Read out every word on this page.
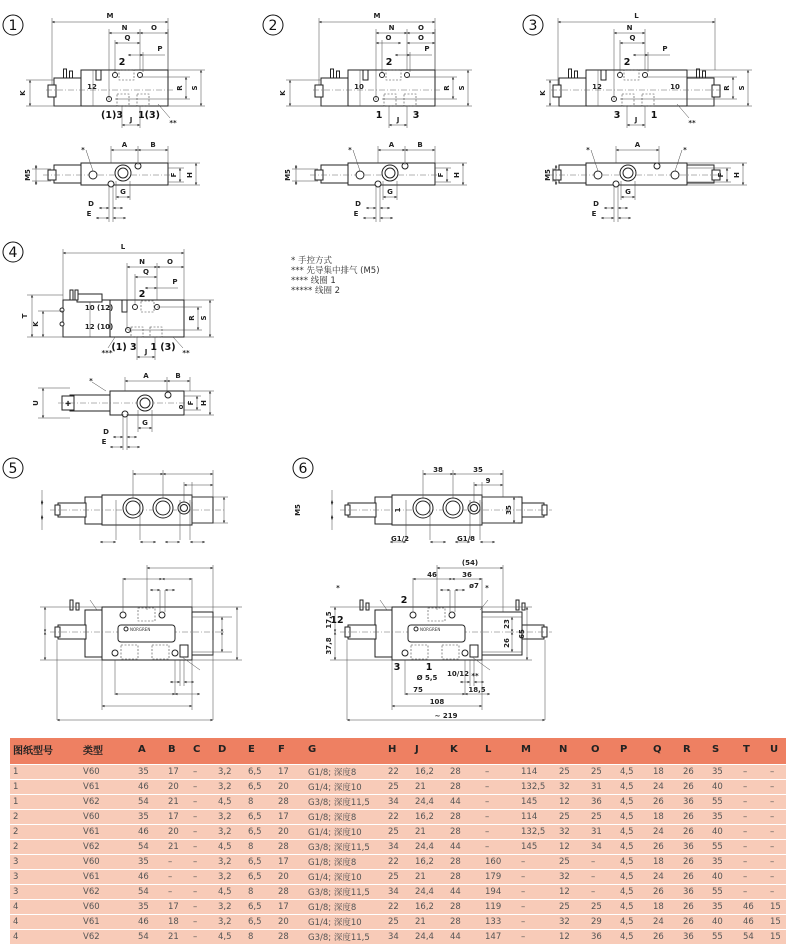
1
M
2
12
N	O
Q
P
K
R S
(1)3 1(3)
J	**
*
A	B
M5	F H
G
D
E
2
M
2
10
N	O
O	O
P
K
R S
1	3
J
*
A	B
M5	F H
G
D
E
3
L
2
12	10
N
Q
P
K
R S
3	1
J	**
*	*
A
M5	F H
G
D
E
4
10 (12)
12 (10)
2
L
N	O
Q
P
T
K
R S
(1) 3 1 (3)
J
***	**
✚
*
A	B
U	F H
G
D
E
5
NORGREN
6
NORGREN
M5
38	35
9
1	35
G1/2	G1/8
(54)
46	36
ø7
2
12
17,5
37,8
23
26
65
3	1
Ø 5,5 10/12 **
75	18,5
108
~ 219
*	*
* 手控方式
*** 先导集中排气 (M5)
**** 线圈 1
***** 线圈 2
图纸型号	类型	A	B	C	D	E	F	G	H	J	K	L	M	N	O	P	Q	R	S	T	U
1	V60	35	17	–	3,2	6,5	17	G1/8; 深度8	22	16,2	28	–	114	25	25	4,5	18	26	35	–	–
1	V61	46	20	–	3,2	6,5	20	G1/4; 深度10	25	21	28	–	132,5	32	31	4,5	24	26	40	–	–
1	V62	54	21	–	4,5	8	28	G3/8; 深度11,5	34	24,4	44	–	145	12	36	4,5	26	36	55	–	–
2	V60	35	17	–	3,2	6,5	17	G1/8; 深度8	22	16,2	28	–	114	25	25	4,5	18	26	35	–	–
2	V61	46	20	–	3,2	6,5	20	G1/4; 深度10	25	21	28	–	132,5	32	31	4,5	24	26	40	–	–
2	V62	54	21	–	4,5	8	28	G3/8; 深度11,5	34	24,4	44	–	145	12	34	4,5	26	36	55	–	–
3	V60	35	–	–	3,2	6,5	17	G1/8; 深度8	22	16,2	28	160	–	25	–	4,5	18	26	35	–	–
3	V61	46	–	–	3,2	6,5	20	G1/4; 深度10	25	21	28	179	–	32	–	4,5	24	26	40	–	–
3	V62	54	–	–	4,5	8	28	G3/8; 深度11,5	34	24,4	44	194	–	12	–	4,5	26	36	55	–	–
4	V60	35	17	–	3,2	6,5	17	G1/8; 深度8	22	16,2	28	119	–	25	25	4,5	18	26	35	46	15
4	V61	46	18	–	3,2	6,5	20	G1/4; 深度10	25	21	28	133	–	32	29	4,5	24	26	40	46	15
4	V62	54	21	–	4,5	8	28	G3/8; 深度11,5	34	24,4	44	147	–	12	36	4,5	26	36	55	54	15
